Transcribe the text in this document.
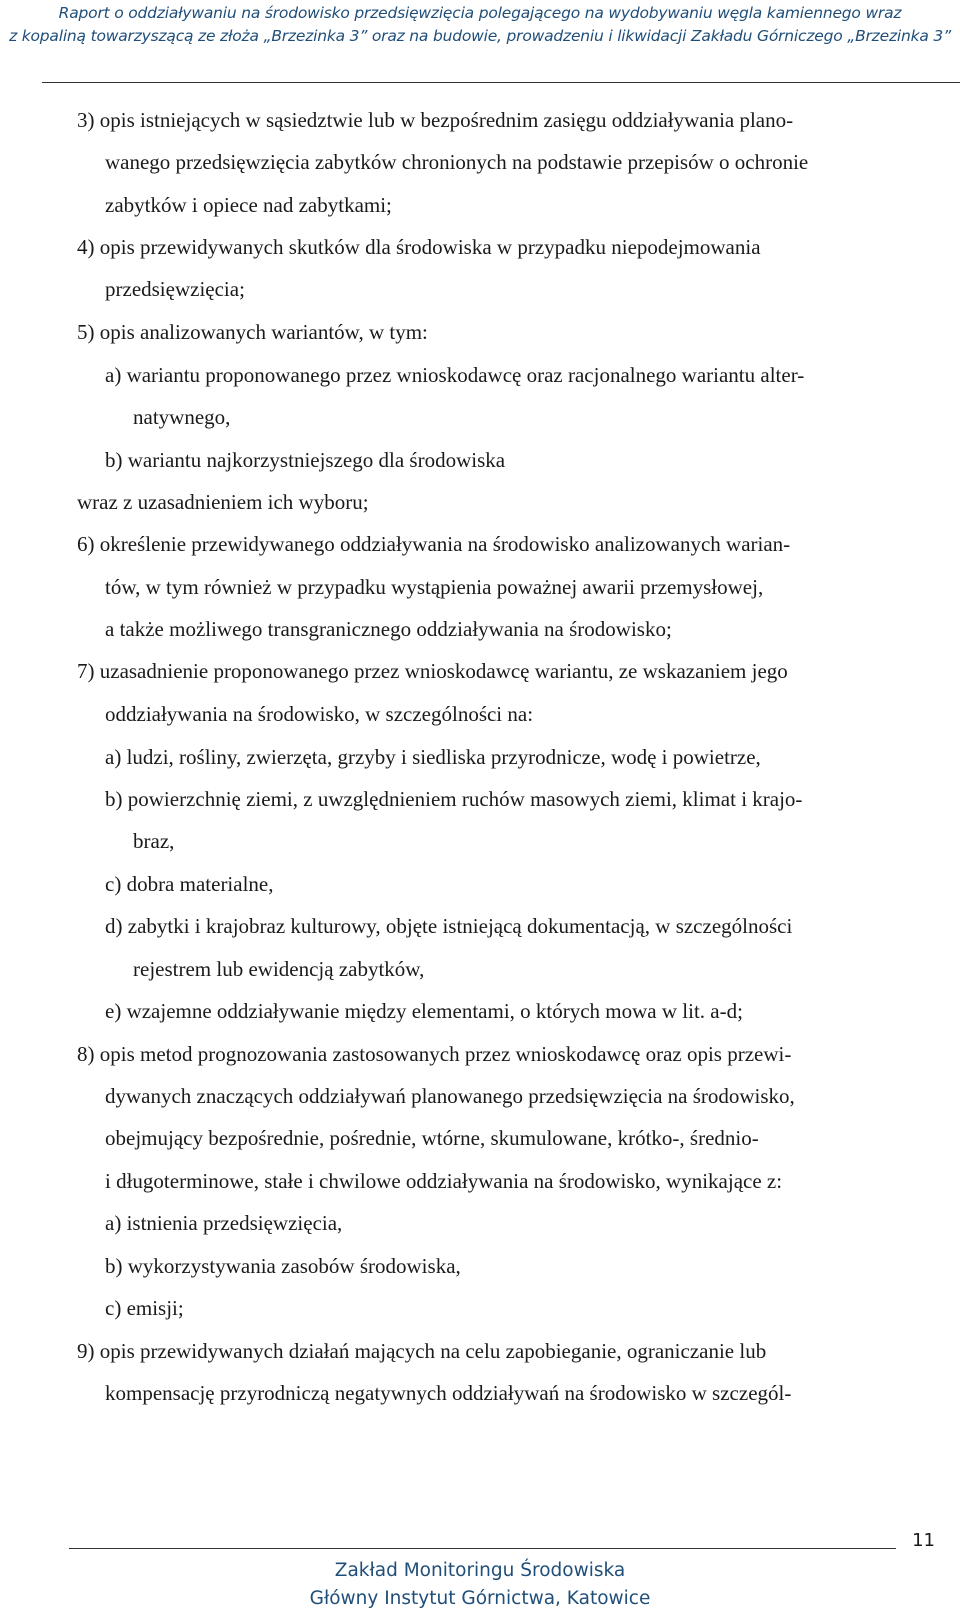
Raport o oddziaływaniu na środowisko przedsięwzięcia polegającego na wydobywaniu węgla kamiennego wraz
z kopaliną towarzyszącą ze złoża „Brzezinka 3” oraz na budowie, prowadzeniu i likwidacji Zakładu Górniczego „Brzezinka 3”
3) opis istniejących w sąsiedztwie lub w bezpośrednim zasięgu oddziaływania plano-
wanego przedsięwzięcia zabytków chronionych na podstawie przepisów o ochronie
zabytków i opiece nad zabytkami;
4) opis przewidywanych skutków dla środowiska w przypadku niepodejmowania
przedsięwzięcia;
5) opis analizowanych wariantów, w tym:
a) wariantu proponowanego przez wnioskodawcę oraz racjonalnego wariantu alter-
natywnego,
b) wariantu najkorzystniejszego dla środowiska
wraz z uzasadnieniem ich wyboru;
6) określenie przewidywanego oddziaływania na środowisko analizowanych warian-
tów, w tym również w przypadku wystąpienia poważnej awarii przemysłowej,
a także możliwego transgranicznego oddziaływania na środowisko;
7) uzasadnienie proponowanego przez wnioskodawcę wariantu, ze wskazaniem jego
oddziaływania na środowisko, w szczególności na:
a) ludzi, rośliny, zwierzęta, grzyby i siedliska przyrodnicze, wodę i powietrze,
b) powierzchnię ziemi, z uwzględnieniem ruchów masowych ziemi, klimat i krajo-
braz,
c) dobra materialne,
d) zabytki i krajobraz kulturowy, objęte istniejącą dokumentacją, w szczególności
rejestrem lub ewidencją zabytków,
e) wzajemne oddziaływanie między elementami, o których mowa w lit. a-d;
8) opis metod prognozowania zastosowanych przez wnioskodawcę oraz opis przewi-
dywanych znaczących oddziaływań planowanego przedsięwzięcia na środowisko,
obejmujący bezpośrednie, pośrednie, wtórne, skumulowane, krótko-, średnio-
i długoterminowe, stałe i chwilowe oddziaływania na środowisko, wynikające z:
a) istnienia przedsięwzięcia,
b) wykorzystywania zasobów środowiska,
c) emisji;
9) opis przewidywanych działań mających na celu zapobieganie, ograniczanie lub
kompensację przyrodniczą negatywnych oddziaływań na środowisko w szczegól-
11
Zakład Monitoringu Środowiska
Główny Instytut Górnictwa, Katowice
